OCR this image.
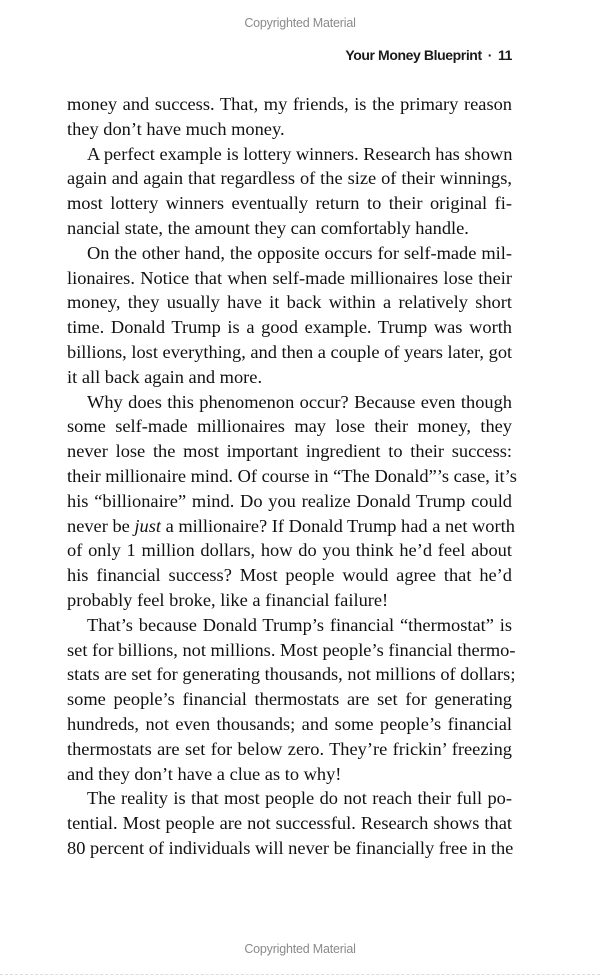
Copyrighted Material
Your Money Blueprint · 11
money and success. That, my friends, is the primary reason
they don’t have much money.
A perfect example is lottery winners. Research has shown
again and again that regardless of the size of their winnings,
most lottery winners eventually return to their original fi-
nancial state, the amount they can comfortably handle.
On the other hand, the opposite occurs for self-made mil-
lionaires. Notice that when self-made millionaires lose their
money, they usually have it back within a relatively short
time. Donald Trump is a good example. Trump was worth
billions, lost everything, and then a couple of years later, got
it all back again and more.
Why does this phenomenon occur? Because even though
some self-made millionaires may lose their money, they
never lose the most important ingredient to their success:
their millionaire mind. Of course in “The Donald”’s case, it’s
his “billionaire” mind. Do you realize Donald Trump could
never be just a millionaire? If Donald Trump had a net worth
of only 1 million dollars, how do you think he’d feel about
his financial success? Most people would agree that he’d
probably feel broke, like a financial failure!
That’s because Donald Trump’s financial “thermostat” is
set for billions, not millions. Most people’s financial thermo-
stats are set for generating thousands, not millions of dollars;
some people’s financial thermostats are set for generating
hundreds, not even thousands; and some people’s financial
thermostats are set for below zero. They’re frickin’ freezing
and they don’t have a clue as to why!
The reality is that most people do not reach their full po-
tential. Most people are not successful. Research shows that
80 percent of individuals will never be financially free in the
Copyrighted Material
